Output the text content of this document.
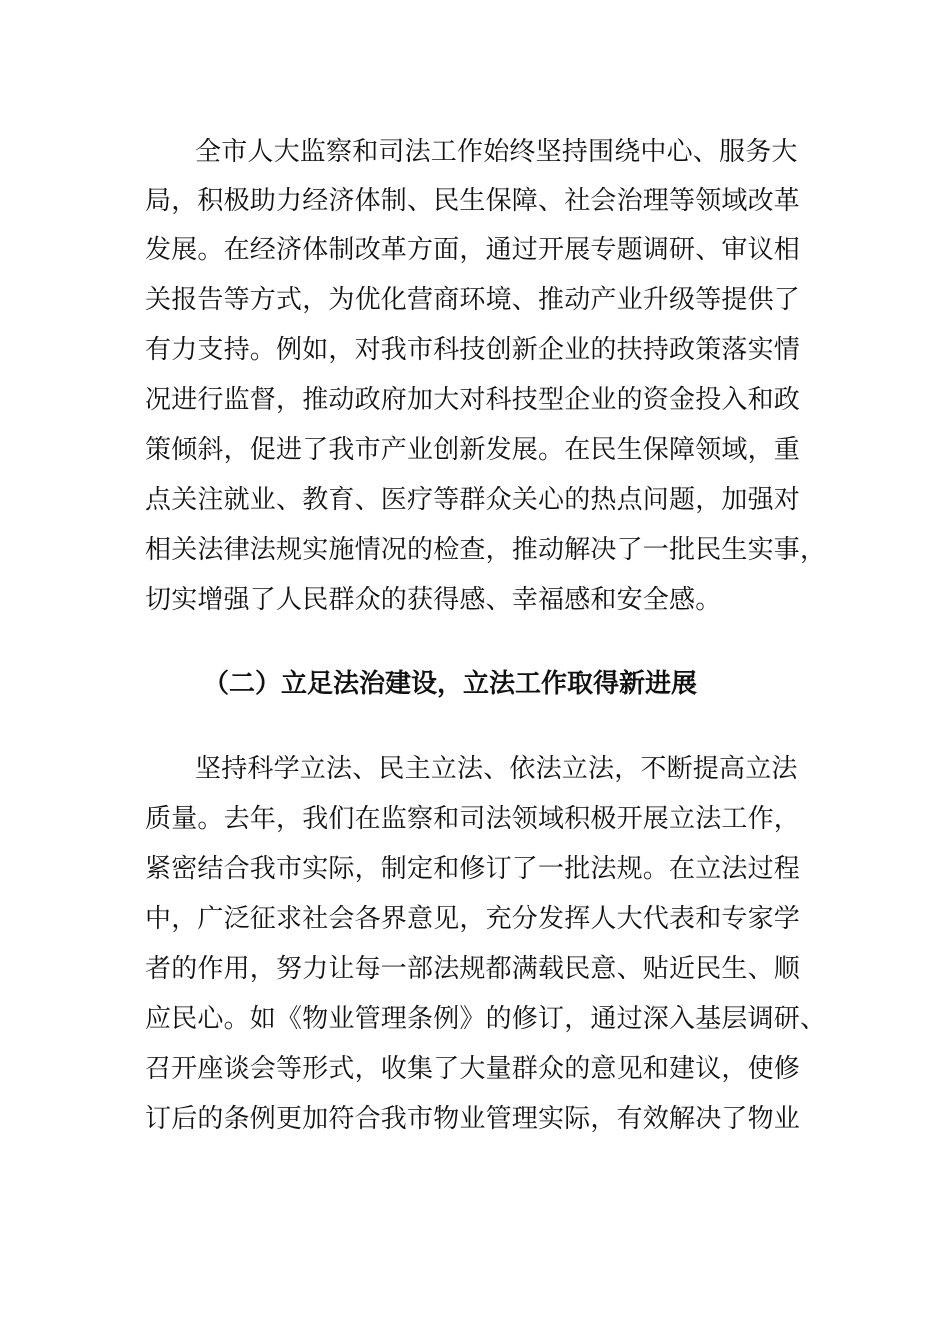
全市人大监察和司法工作始终坚持围绕中心、服务大
局，积极助力经济体制、民生保障、社会治理等领域改革
发展。在经济体制改革方面，通过开展专题调研、审议相
关报告等方式，为优化营商环境、推动产业升级等提供了
有力支持。例如，对我市科技创新企业的扶持政策落实情
况进行监督，推动政府加大对科技型企业的资金投入和政
策倾斜，促进了我市产业创新发展。在民生保障领域，重
点关注就业、教育、医疗等群众关心的热点问题，加强对
相关法律法规实施情况的检查，推动解决了一批民生实事，
切实增强了人民群众的获得感、幸福感和安全感。
（二）立足法治建设，立法工作取得新进展
坚持科学立法、民主立法、依法立法，不断提高立法
质量。去年，我们在监察和司法领域积极开展立法工作，
紧密结合我市实际，制定和修订了一批法规。在立法过程
中，广泛征求社会各界意见，充分发挥人大代表和专家学
者的作用，努力让每一部法规都满载民意、贴近民生、顺
应民心。如《物业管理条例》的修订，通过深入基层调研、
召开座谈会等形式，收集了大量群众的意见和建议，使修
订后的条例更加符合我市物业管理实际，有效解决了物业
